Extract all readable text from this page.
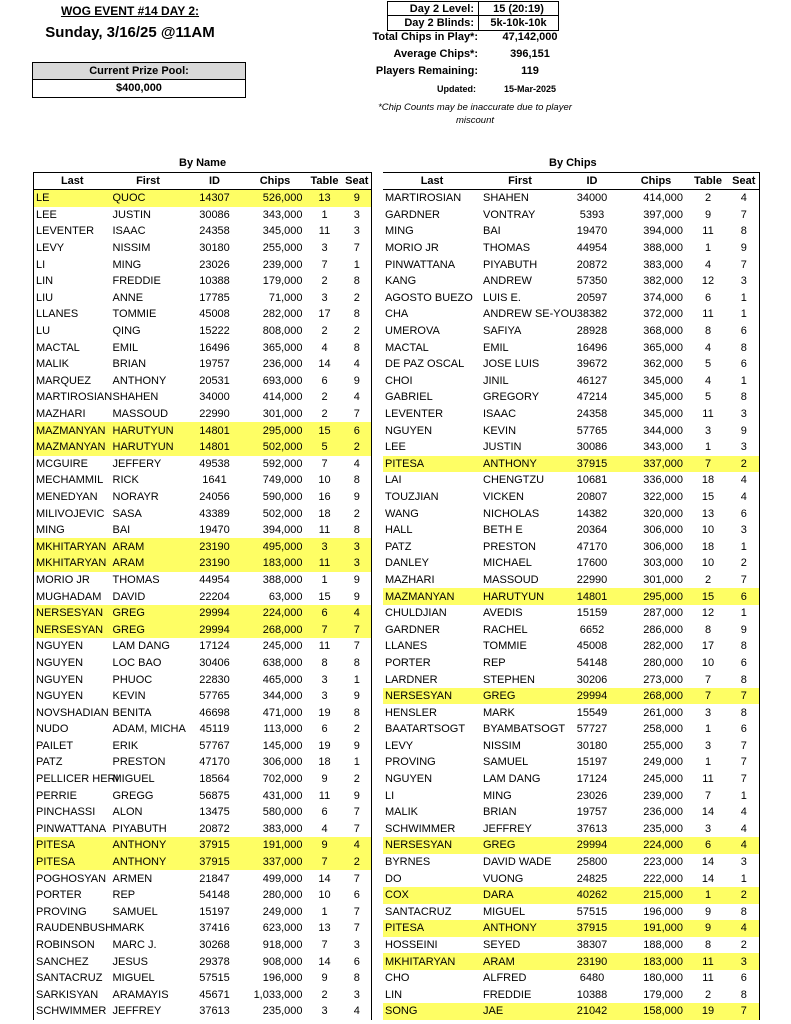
WOG EVENT #14 DAY 2:
Sunday, 3/16/25 @11AM
Current Prize Pool:
$400,000
Day 2 Level:	15 (20:19)
Day 2 Blinds:	5k-10k-10k
Total Chips in Play*:	47,142,000
Average Chips*:	396,151
Players Remaining:	119
Updated:	15-Mar-2025
*Chip Counts may be inaccurate due to player miscount
By Name	By Chips
Last	First	ID	Chips	Table	Seat
LE	QUOC	14307	526,000	13	9
LEE	JUSTIN	30086	343,000	1	3
LEVENTER	ISAAC	24358	345,000	11	3
LEVY	NISSIM	30180	255,000	3	7
LI	MING	23026	239,000	7	1
LIN	FREDDIE	10388	179,000	2	8
LIU	ANNE	17785	71,000	3	2
LLANES	TOMMIE	45008	282,000	17	8
LU	QING	15222	808,000	2	2
MACTAL	EMIL	16496	365,000	4	8
MALIK	BRIAN	19757	236,000	14	4
MARQUEZ	ANTHONY	20531	693,000	6	9
MARTIROSIAN	SHAHEN	34000	414,000	2	4
MAZHARI	MASSOUD	22990	301,000	2	7
MAZMANYAN	HARUTYUN	14801	295,000	15	6
MAZMANYAN	HARUTYUN	14801	502,000	5	2
MCGUIRE	JEFFERY	49538	592,000	7	4
MECHAMMIL	RICK	1641	749,000	10	8
MENEDYAN	NORAYR	24056	590,000	16	9
MILIVOJEVIC	SASA	43389	502,000	18	2
MING	BAI	19470	394,000	11	8
MKHITARYAN	ARAM	23190	495,000	3	3
MKHITARYAN	ARAM	23190	183,000	11	3
MORIO JR	THOMAS	44954	388,000	1	9
MUGHADAM	DAVID	22204	63,000	15	9
NERSESYAN	GREG	29994	224,000	6	4
NERSESYAN	GREG	29994	268,000	7	7
NGUYEN	LAM DANG	17124	245,000	11	7
NGUYEN	LOC BAO	30406	638,000	8	8
NGUYEN	PHUOC	22830	465,000	3	1
NGUYEN	KEVIN	57765	344,000	3	9
NOVSHADIAN	BENITA	46698	471,000	19	8
NUDO	ADAM, MICHA	45119	113,000	6	2
PAILET	ERIK	57767	145,000	19	9
PATZ	PRESTON	47170	306,000	18	1
PELLICER HERI	MIGUEL	18564	702,000	9	2
PERRIE	GREGG	56875	431,000	11	9
PINCHASSI	ALON	13475	580,000	6	7
PINWATTANA	PIYABUTH	20872	383,000	4	7
PITESA	ANTHONY	37915	191,000	9	4
PITESA	ANTHONY	37915	337,000	7	2
POGHOSYAN	ARMEN	21847	499,000	14	7
PORTER	REP	54148	280,000	10	6
PROVING	SAMUEL	15197	249,000	1	7
RAUDENBUSH	MARK	37416	623,000	13	7
ROBINSON	MARC J.	30268	918,000	7	3
SANCHEZ	JESUS	29378	908,000	14	6
SANTACRUZ	MIGUEL	57515	196,000	9	8
SARKISYAN	ARAMAYIS	45671	1,033,000	2	3
SCHWIMMER	JEFFREY	37613	235,000	3	4
Last	First	ID	Chips	Table	Seat
MARTIROSIAN	SHAHEN	34000	414,000	2	4
GARDNER	VONTRAY	5393	397,000	9	7
MING	BAI	19470	394,000	11	8
MORIO JR	THOMAS	44954	388,000	1	9
PINWATTANA	PIYABUTH	20872	383,000	4	7
KANG	ANDREW	57350	382,000	12	3
AGOSTO BUEZO	LUIS E.	20597	374,000	6	1
CHA	ANDREW SE-YOU	38382	372,000	11	1
UMEROVA	SAFIYA	28928	368,000	8	6
MACTAL	EMIL	16496	365,000	4	8
DE PAZ OSCAL	JOSE LUIS	39672	362,000	5	6
CHOI	JINIL	46127	345,000	4	1
GABRIEL	GREGORY	47214	345,000	5	8
LEVENTER	ISAAC	24358	345,000	11	3
NGUYEN	KEVIN	57765	344,000	3	9
LEE	JUSTIN	30086	343,000	1	3
PITESA	ANTHONY	37915	337,000	7	2
LAI	CHENGTZU	10681	336,000	18	4
TOUZJIAN	VICKEN	20807	322,000	15	4
WANG	NICHOLAS	14382	320,000	13	6
HALL	BETH E	20364	306,000	10	3
PATZ	PRESTON	47170	306,000	18	1
DANLEY	MICHAEL	17600	303,000	10	2
MAZHARI	MASSOUD	22990	301,000	2	7
MAZMANYAN	HARUTYUN	14801	295,000	15	6
CHULDJIAN	AVEDIS	15159	287,000	12	1
GARDNER	RACHEL	6652	286,000	8	9
LLANES	TOMMIE	45008	282,000	17	8
PORTER	REP	54148	280,000	10	6
LARDNER	STEPHEN	30206	273,000	7	8
NERSESYAN	GREG	29994	268,000	7	7
HENSLER	MARK	15549	261,000	3	8
BAATARTSOGT	BYAMBATSOGT	57727	258,000	1	6
LEVY	NISSIM	30180	255,000	3	7
PROVING	SAMUEL	15197	249,000	1	7
NGUYEN	LAM DANG	17124	245,000	11	7
LI	MING	23026	239,000	7	1
MALIK	BRIAN	19757	236,000	14	4
SCHWIMMER	JEFFREY	37613	235,000	3	4
NERSESYAN	GREG	29994	224,000	6	4
BYRNES	DAVID WADE	25800	223,000	14	3
DO	VUONG	24825	222,000	14	1
COX	DARA	40262	215,000	1	2
SANTACRUZ	MIGUEL	57515	196,000	9	8
PITESA	ANTHONY	37915	191,000	9	4
HOSSEINI	SEYED	38307	188,000	8	2
MKHITARYAN	ARAM	23190	183,000	11	3
CHO	ALFRED	6480	180,000	11	6
LIN	FREDDIE	10388	179,000	2	8
SONG	JAE	21042	158,000	19	7
